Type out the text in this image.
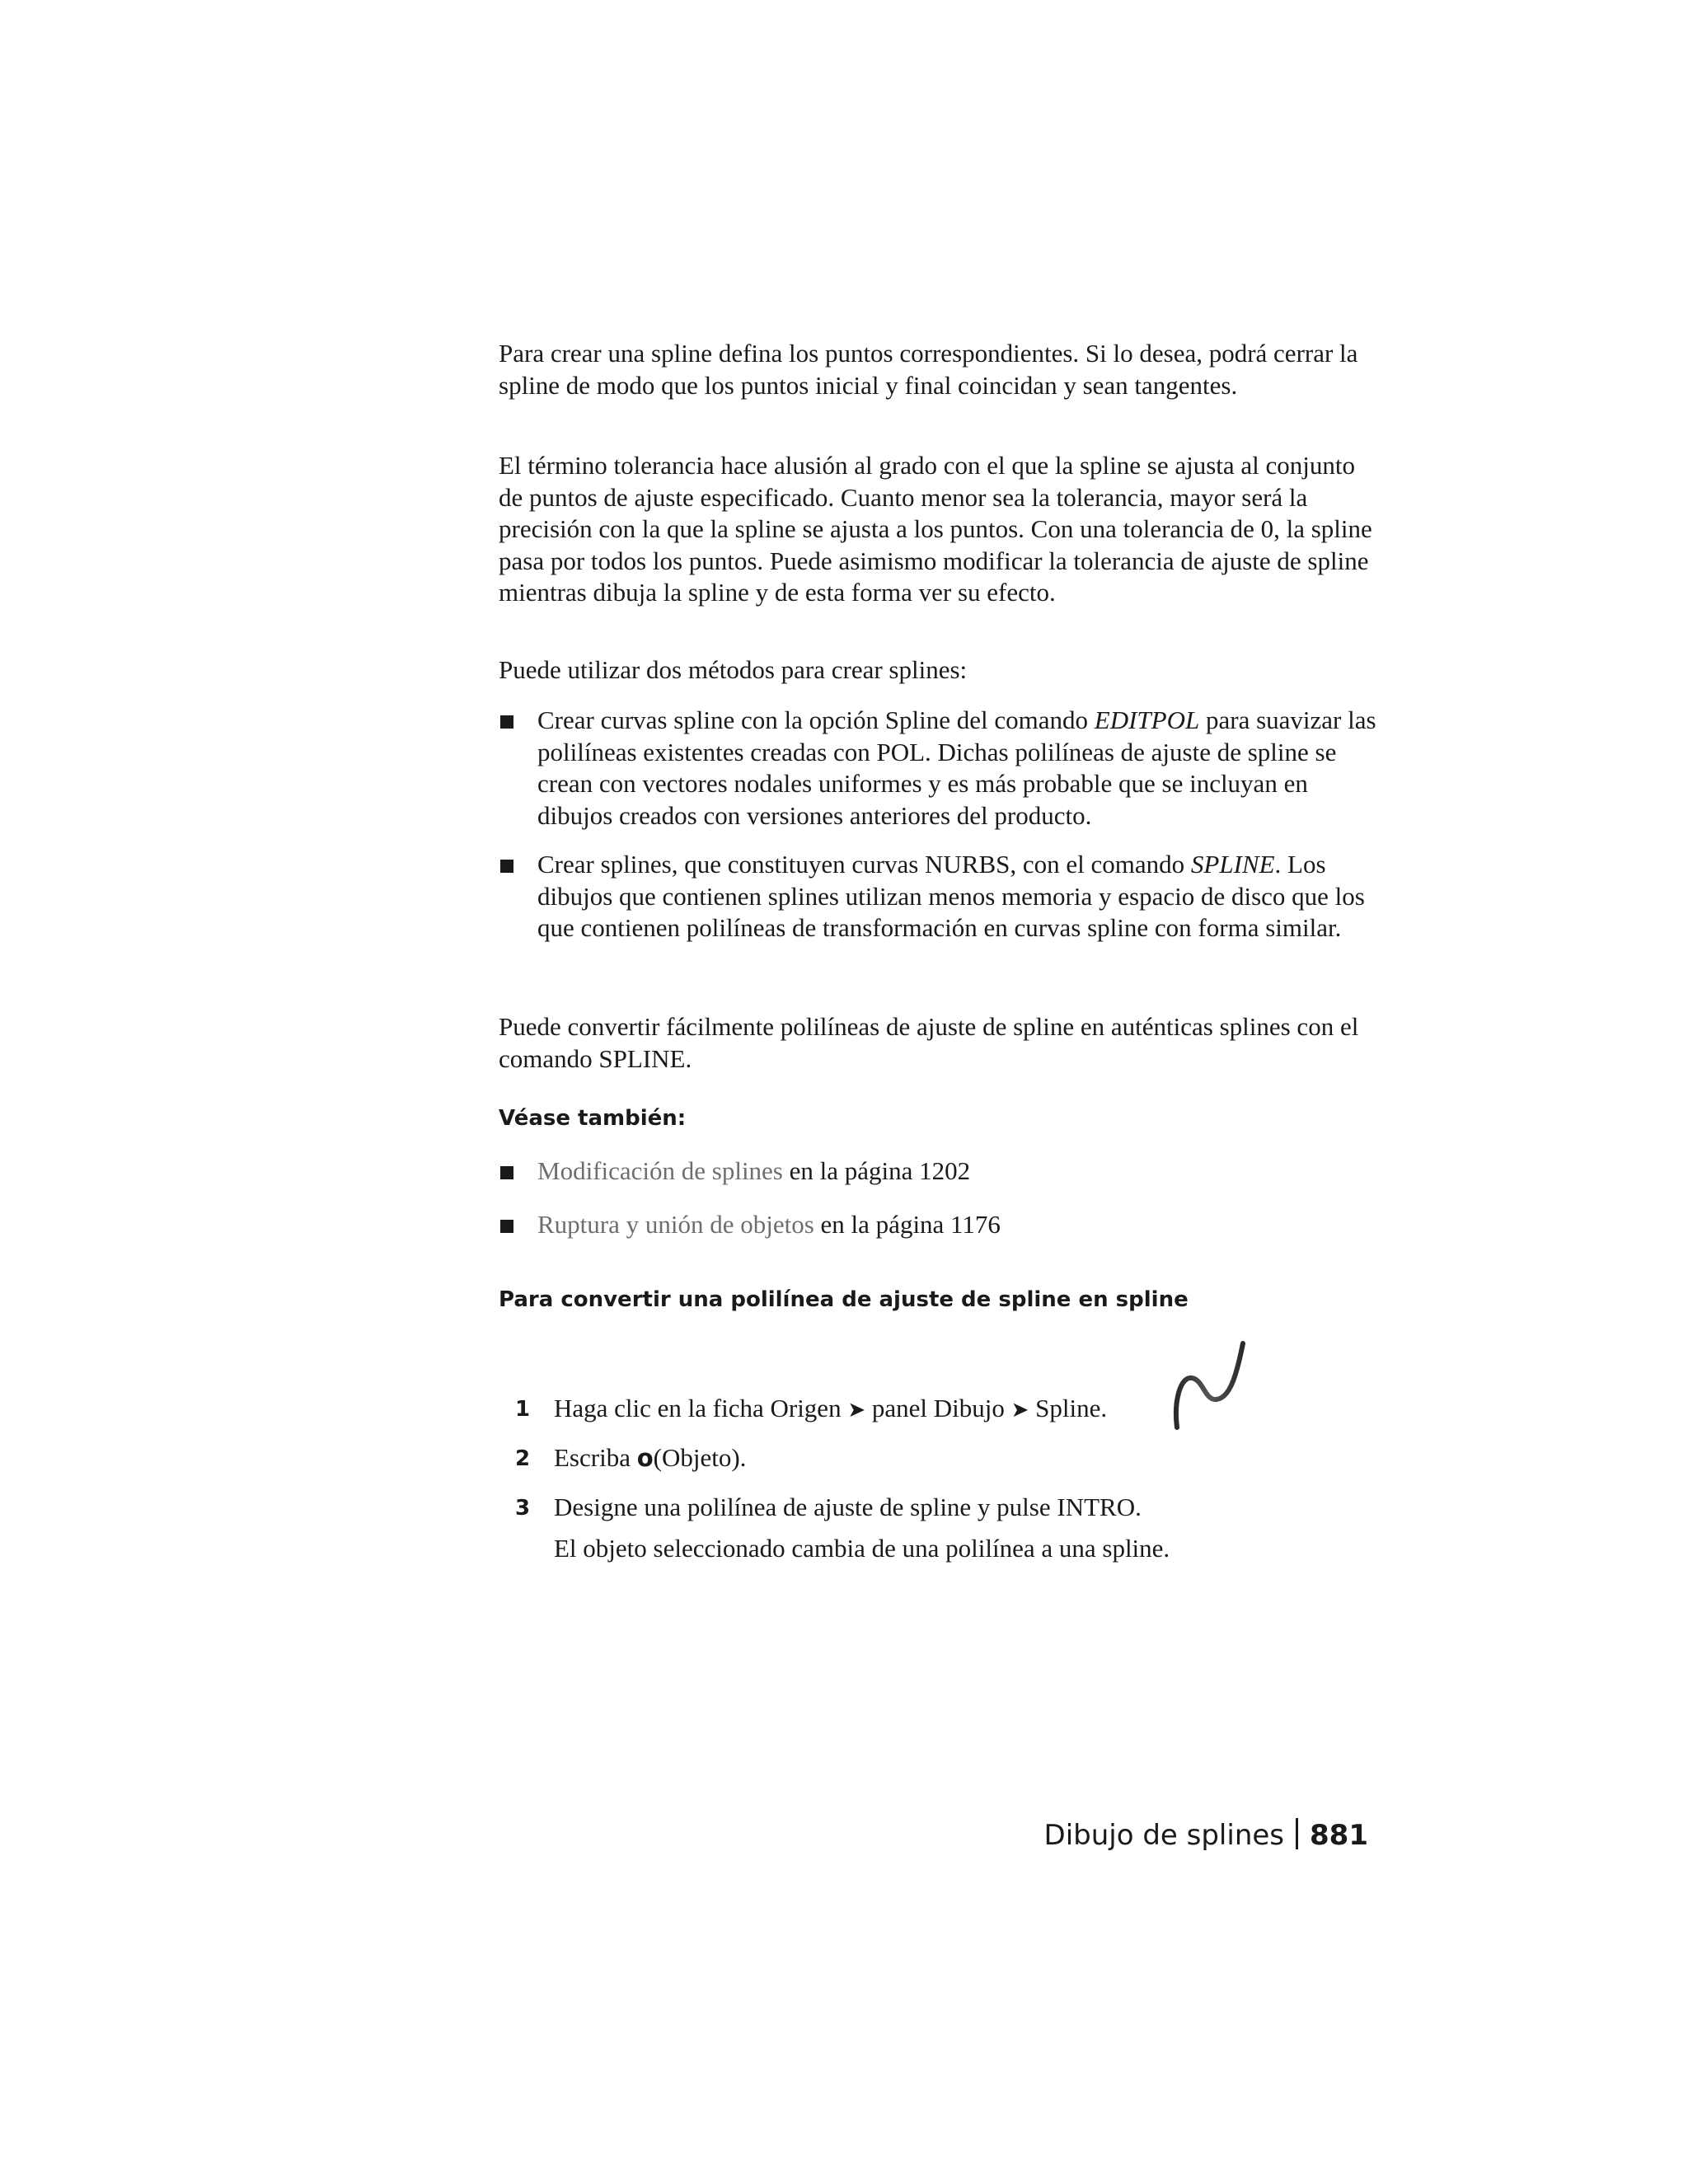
Para crear una spline defina los puntos correspondientes. Si lo desea, podrá cerrar la spline de modo que los puntos inicial y final coincidan y sean tangentes.

El término tolerancia hace alusión al grado con el que la spline se ajusta al conjunto de puntos de ajuste especificado. Cuanto menor sea la tolerancia, mayor será la precisión con la que la spline se ajusta a los puntos. Con una tolerancia de 0, la spline pasa por todos los puntos. Puede asimismo modificar la tolerancia de ajuste de spline mientras dibuja la spline y de esta forma ver su efecto.

Puede utilizar dos métodos para crear splines:

Crear curvas spline con la opción Spline del comando EDITPOL para suavizar las polilíneas existentes creadas con POL. Dichas polilíneas de ajuste de spline se crean con vectores nodales uniformes y es más probable que se incluyan en dibujos creados con versiones anteriores del producto.

Crear splines, que constituyen curvas NURBS, con el comando SPLINE. Los dibujos que contienen splines utilizan menos memoria y espacio de disco que los que contienen polilíneas de transformación en curvas spline con forma similar.

Puede convertir fácilmente polilíneas de ajuste de spline en auténticas splines con el comando SPLINE.

Véase también:

Modificación de splines en la página 1202

Ruptura y unión de objetos en la página 1176

Para convertir una polilínea de ajuste de spline en spline
1 Haga clic en la ficha Origen ➤ panel Dibujo ➤ Spline.

2 Escriba o(Objeto).

3 Designe una polilínea de ajuste de spline y pulse INTRO.

El objeto seleccionado cambia de una polilínea a una spline.

Dibujo de splines 881
